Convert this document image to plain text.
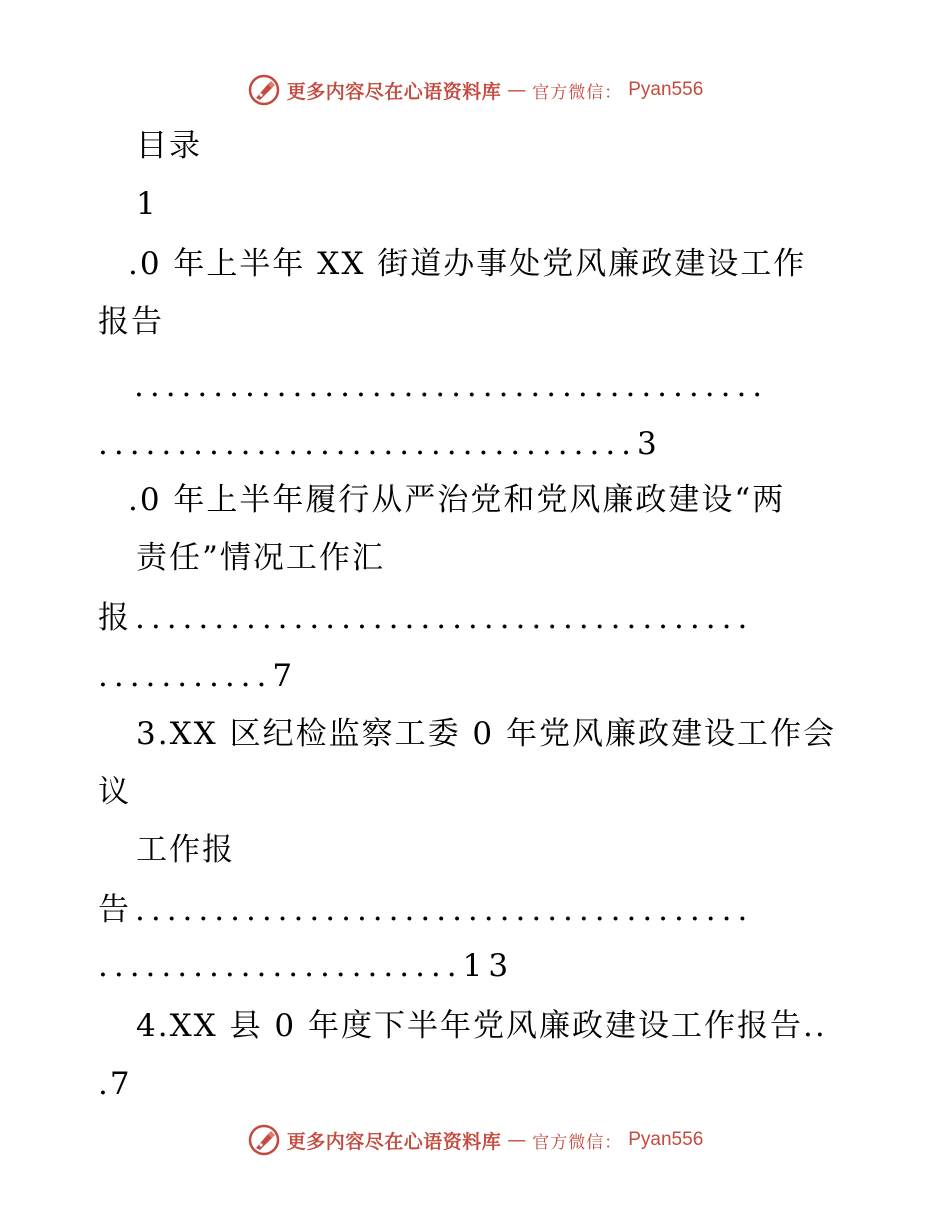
更多内容尽在心语资料库 — 官方微信： Pyan556
目录
1
.0 年上半年 XX 街道办事处党风廉政建设工作
报告
........................................
..................................3
.0 年上半年履行从严治党和党风廉政建设“两
责任”情况工作汇
报.......................................
...........7
3.XX 区纪检监察工委 0 年党风廉政建设工作会
议
工作报
告.......................................
.......................13
4.XX 县 0 年度下半年党风廉政建设工作报告..
.7
更多内容尽在心语资料库 — 官方微信： Pyan556
